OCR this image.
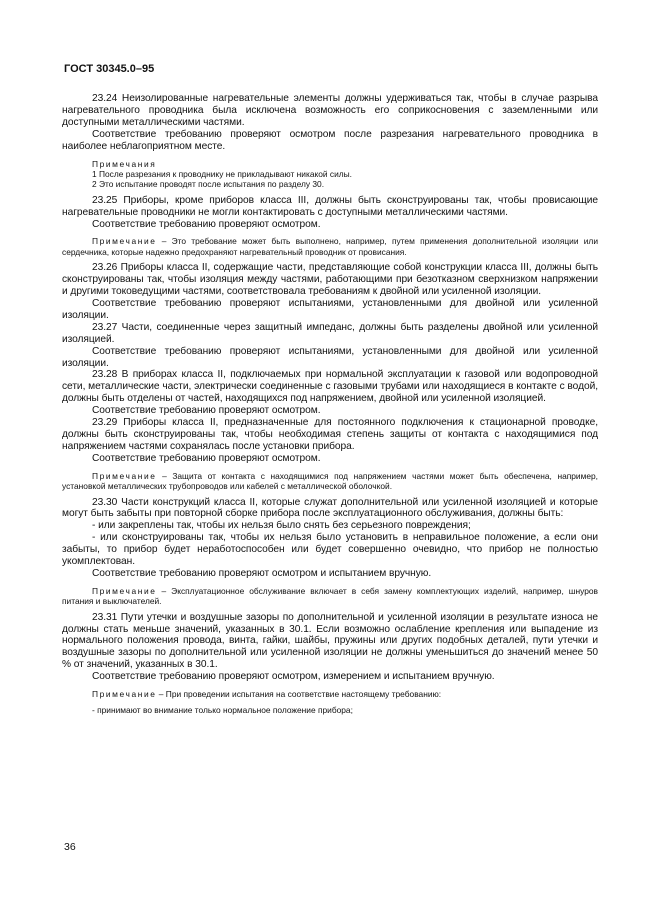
ГОСТ 30345.0–95

23.24 Неизолированные нагревательные элементы должны удерживаться так, чтобы в случае разрыва нагревательного проводника была исключена возможность его соприкосновения с заземленными или доступными металлическими частями.

Соответствие требованию проверяют осмотром после разрезания нагревательного проводника в наиболее неблагоприятном месте.

Примечания

1 После разрезания к проводнику не прикладывают никакой силы.

2 Это испытание проводят после испытания по разделу 30.

23.25 Приборы, кроме приборов класса III, должны быть сконструированы так, чтобы провисающие нагревательные проводники не могли контактировать с доступными металлическими частями.

Соответствие требованию проверяют осмотром.

Примечание – Это требование может быть выполнено, например, путем применения дополнительной изоляции или сердечника, которые надежно предохраняют нагревательный проводник от провисания.

23.26 Приборы класса II, содержащие части, представляющие собой конструкции класса III, должны быть сконструированы так, чтобы изоляция между частями, работающими при безотказном сверхнизком напряжении и другими токоведущими частями, соответствовала требованиям к двойной или усиленной изоляции.

Соответствие требованию проверяют испытаниями, установленными для двойной или усиленной изоляции.

23.27 Части, соединенные через защитный импеданс, должны быть разделены двойной или усиленной изоляцией.

Соответствие требованию проверяют испытаниями, установленными для двойной или усиленной изоляции.

23.28 В приборах класса II, подключаемых при нормальной эксплуатации к газовой или водопроводной сети, металлические части, электрически соединенные с газовыми трубами или находящиеся в контакте с водой, должны быть отделены от частей, находящихся под напряжением, двойной или усиленной изоляцией.

Соответствие требованию проверяют осмотром.

23.29 Приборы класса II, предназначенные для постоянного подключения к стационарной проводке, должны быть сконструированы так, чтобы необходимая степень защиты от контакта с находящимися под напряжением частями сохранялась после установки прибора.

Соответствие требованию проверяют осмотром.

Примечание – Защита от контакта с находящимися под напряжением частями может быть обеспечена, например, установкой металлических трубопроводов или кабелей с металлической оболочкой.

23.30 Части конструкций класса II, которые служат дополнительной или усиленной изоляцией и которые могут быть забыты при повторной сборке прибора после эксплуатационного обслуживания, должны быть:

- или закреплены так, чтобы их нельзя было снять без серьезного повреждения;

- или сконструированы так, чтобы их нельзя было установить в неправильное положение, а если они забыты, то прибор будет неработоспособен или будет совершенно очевидно, что прибор не полностью укомплектован.

Соответствие требованию проверяют осмотром и испытанием вручную.

Примечание – Эксплуатационное обслуживание включает в себя замену комплектующих изделий, например, шнуров питания и выключателей.

23.31 Пути утечки и воздушные зазоры по дополнительной и усиленной изоляции в результате износа не должны стать меньше значений, указанных в 30.1. Если возможно ослабление крепления или выпадение из нормального положения провода, винта, гайки, шайбы, пружины или других подобных деталей, пути утечки и воздушные зазоры по дополнительной или усиленной изоляции не должны уменьшиться до значений менее 50 % от значений, указанных в 30.1.

Соответствие требованию проверяют осмотром, измерением и испытанием вручную.

Примечание – При проведении испытания на соответствие настоящему требованию:

- принимают во внимание только нормальное положение прибора;

36
